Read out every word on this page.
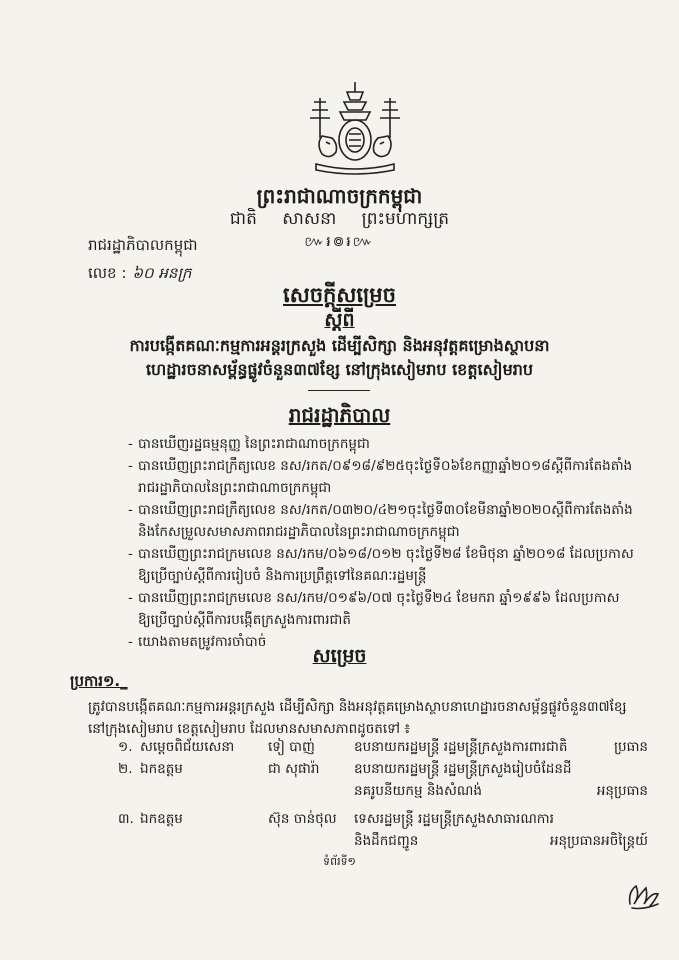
ព្រះរាជាណាចក្រកម្ពុជា
ជាតិ សាសនា ព្រះមហាក្សត្រ
៚៛៙៛៚
រាជរដ្ឋាភិបាលកម្ពុជា
លេខ : ៦០ អនក្រ
សេចក្ដីសម្រេច
ស្ដីពី
ការបង្កើតគណៈកម្មការអន្តរក្រសួង ដើម្បីសិក្សា និងអនុវត្តគម្រោងស្ថាបនា
ហេដ្ឋារចនាសម្ព័ន្ធផ្លូវចំនួន៣៧ខ្សែ នៅក្រុងសៀមរាប ខេត្តសៀមរាប
រាជរដ្ឋាភិបាល
- បានឃើញរដ្ឋធម្មនុញ្ញ នៃព្រះរាជាណាចក្រកម្ពុជា
- បានឃើញព្រះរាជក្រឹត្យលេខ នស/រកត/០៩១៨/៩២៥ចុះថ្ងៃទី០៦ខែកញ្ញាឆ្នាំ២០១៨ស្ដីពីការតែងតាំង
រាជរដ្ឋាភិបាលនៃព្រះរាជាណាចក្រកម្ពុជា
- បានឃើញព្រះរាជក្រឹត្យលេខ នស/រកត/០៣២០/៤២១ចុះថ្ងៃទី៣០ខែមីនាឆ្នាំ២០២០ស្ដីពីការតែងតាំង
និងកែសម្រួលសមាសភាពរាជរដ្ឋាភិបាលនៃព្រះរាជាណាចក្រកម្ពុជា
- បានឃើញព្រះរាជក្រមលេខ នស/រកម/០៦១៨/០១២ ចុះថ្ងៃទី២៨ ខែមិថុនា ឆ្នាំ២០១៨ ដែលប្រកាស
ឱ្យប្រើច្បាប់ស្ដីពីការរៀបចំ និងការប្រព្រឹត្តទៅនៃគណៈរដ្ឋមន្ត្រី
- បានឃើញព្រះរាជក្រមលេខ នស/រកម/០១៩៦/០៧ ចុះថ្ងៃទី២៤ ខែមករា ឆ្នាំ១៩៩៦ ដែលប្រកាស
ឱ្យប្រើច្បាប់ស្ដីពីការបង្កើតក្រសួងការពារជាតិ
- យោងតាមតម្រូវការចាំបាច់
សម្រេច
ប្រការ១._
ត្រូវបានបង្កើតគណៈកម្មការអន្តរក្រសួង ដើម្បីសិក្សា និងអនុវត្តគម្រោងស្ថាបនាហេដ្ឋារចនាសម្ព័ន្ធផ្លូវចំនួន៣៧ខ្សែ
នៅក្រុងសៀមរាប ខេត្តសៀមរាប ដែលមានសមាសភាពដូចតទៅ ៖
១. សម្ដេចពិជ័យសេនា ទៀ បាញ់	ឧបនាយករដ្ឋមន្ត្រី រដ្ឋមន្ត្រីក្រសួងការពារជាតិ	ប្រធាន
២. ឯកឧត្ដម	ជា សុផារ៉ា	ឧបនាយករដ្ឋមន្ត្រី រដ្ឋមន្ត្រីក្រសួងរៀបចំដែនដី
នគរូបនីយកម្ម និងសំណង់	អនុប្រធាន
៣. ឯកឧត្ដម	ស៊ុន ចាន់ថុល ទេសរដ្ឋមន្ត្រី រដ្ឋមន្ត្រីក្រសួងសាធារណការ
និងដឹកជញ្ជូន	អនុប្រធានអចិន្ត្រៃយ៍
ទំព័រទី១
